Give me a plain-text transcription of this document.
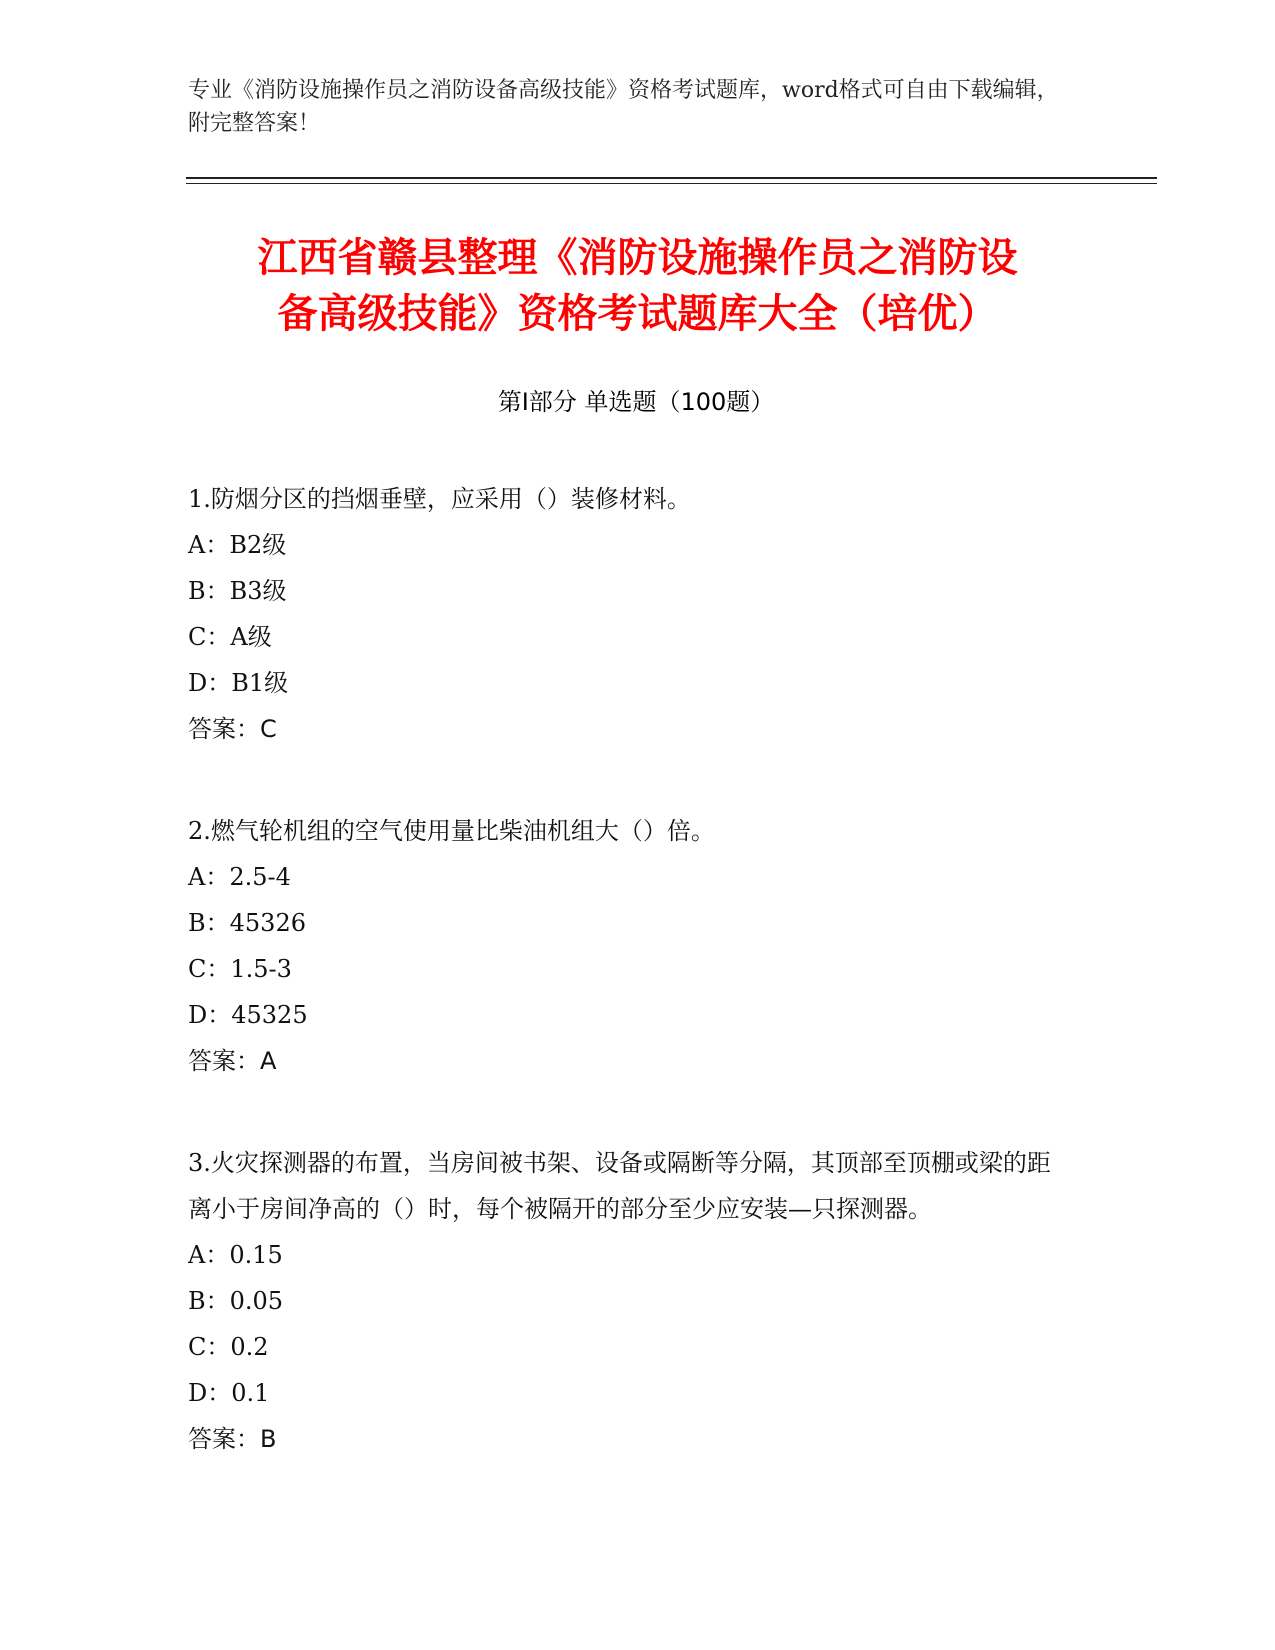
专业《消防设施操作员之消防设备高级技能》资格考试题库，word格式可自由下载编辑，附完整答案！
江西省赣县整理《消防设施操作员之消防设
备高级技能》资格考试题库大全（培优）
第Ⅰ部分 单选题（100题）

1.防烟分区的挡烟垂壁，应采用（）装修材料。

A：B2级

B：B3级

C：A级

D：B1级

答案：C

2.燃气轮机组的空气使用量比柴油机组大（）倍。

A：2.5-4

B：45326

C：1.5-3

D：45325

答案：A

3.火灾探测器的布置，当房间被书架、设备或隔断等分隔，其顶部至顶棚或梁的距离小于房间净高的（）时，每个被隔开的部分至少应安装—只探测器。

A：0.15

B：0.05

C：0.2

D：0.1

答案：B
